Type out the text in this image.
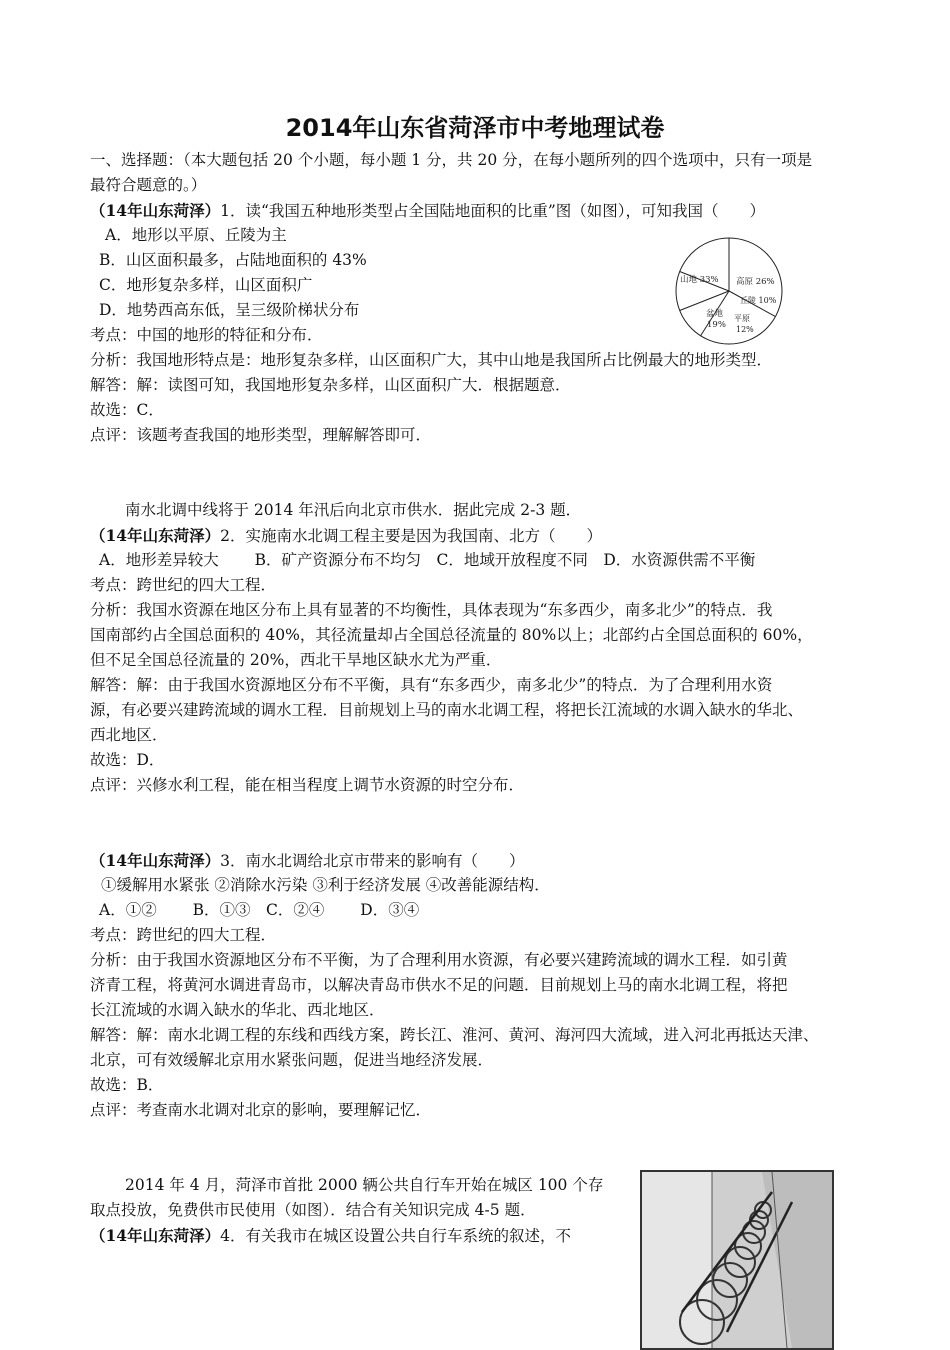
2014年山东省菏泽市中考地理试卷
一、选择题：（本大题包括 20 个小题，每小题 1 分，共 20 分，在每小题所列的四个选项中，只有一项是
最符合题意的。）
（14年山东菏泽）1．读“我国五种地形类型占全国陆地面积的比重”图（如图），可知我国（　　）
A．地形以平原、丘陵为主
B．山区面积最多，占陆地面积的 43%
C．地形复杂多样，山区面积广
D．地势西高东低，呈三级阶梯状分布
考点：中国的地形的特征和分布．
分析：我国地形特点是：地形复杂多样，山区面积广大，其中山地是我国所占比例最大的地形类型．
解答：解：读图可知，我国地形复杂多样，山区面积广大．根据题意．
故选：C．
点评：该题考查我国的地形类型，理解解答即可．
山地 33% 高原 26%
丘陵 10%
平原
12%
盆地
19%
南水北调中线将于 2014 年汛后向北京市供水．据此完成 2-3 题．
（14年山东菏泽）2．实施南水北调工程主要是因为我国南、北方（　　）
A．地形差异较大　　 B．矿产资源分布不均匀　C．地域开放程度不同　D．水资源供需不平衡
考点：跨世纪的四大工程．
分析：我国水资源在地区分布上具有显著的不均衡性，具体表现为“东多西少，南多北少”的特点．我
国南部约占全国总面积的 40%，其径流量却占全国总径流量的 80%以上；北部约占全国总面积的 60%，
但不足全国总径流量的 20%，西北干旱地区缺水尤为严重．
解答：解：由于我国水资源地区分布不平衡，具有“东多西少，南多北少”的特点．为了合理利用水资
源，有必要兴建跨流域的调水工程．目前规划上马的南水北调工程，将把长江流域的水调入缺水的华北、
西北地区．
故选：D．
点评：兴修水利工程，能在相当程度上调节水资源的时空分布．
（14年山东菏泽）3．南水北调给北京市带来的影响有（　　）
①缓解用水紧张 ②消除水污染 ③利于经济发展 ④改善能源结构．
A．①②　　 B．①③　C．②④　　 D．③④
考点：跨世纪的四大工程．
分析：由于我国水资源地区分布不平衡，为了合理利用水资源，有必要兴建跨流域的调水工程．如引黄
济青工程，将黄河水调进青岛市，以解决青岛市供水不足的问题．目前规划上马的南水北调工程，将把
长江流域的水调入缺水的华北、西北地区．
解答：解：南水北调工程的东线和西线方案，跨长江、淮河、黄河、海河四大流域，进入河北再抵达天津、
北京，可有效缓解北京用水紧张问题，促进当地经济发展．
故选：B．
点评：考查南水北调对北京的影响，要理解记忆．
2014 年 4 月，菏泽市首批 2000 辆公共自行车开始在城区 100 个存
取点投放，免费供市民使用（如图）．结合有关知识完成 4-5 题．
（14年山东菏泽）4．有关我市在城区设置公共自行车系统的叙述，不
